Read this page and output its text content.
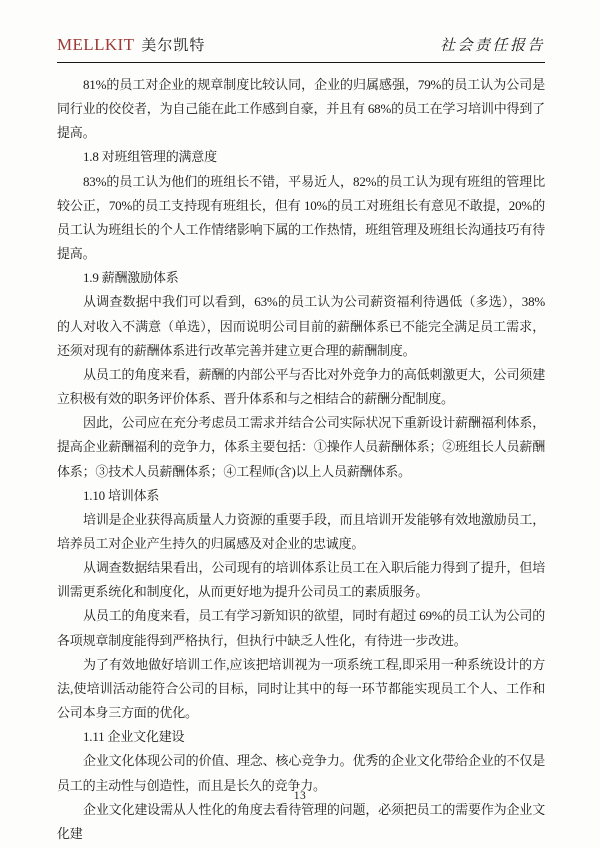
MELLKIT 美尔凯特	社会责任报告

81%的员工对企业的规章制度比较认同，企业的归属感强，79%的员工认为公司是同行业的佼佼者，为自己能在此工作感到自豪，并且有 68%的员工在学习培训中得到了提高。

1.8 对班组管理的满意度

83%的员工认为他们的班组长不错，平易近人，82%的员工认为现有班组的管理比较公正，70%的员工支持现有班组长，但有 10%的员工对班组长有意见不敢提，20%的员工认为班组长的个人工作情绪影响下属的工作热情，班组管理及班组长沟通技巧有待提高。

1.9 薪酬激励体系

从调查数据中我们可以看到，63%的员工认为公司薪资福利待遇低（多选），38%的人对收入不满意（单选），因而说明公司目前的薪酬体系已不能完全满足员工需求，还须对现有的薪酬体系进行改革完善并建立更合理的薪酬制度。

从员工的角度来看，薪酬的内部公平与否比对外竞争力的高低刺激更大，公司须建立积极有效的职务评价体系、晋升体系和与之相结合的薪酬分配制度。

因此，公司应在充分考虑员工需求并结合公司实际状况下重新设计薪酬福利体系，提高企业薪酬福利的竞争力，体系主要包括：①操作人员薪酬体系；②班组长人员薪酬体系；③技术人员薪酬体系；④工程师(含)以上人员薪酬体系。

1.10 培训体系

培训是企业获得高质量人力资源的重要手段，而且培训开发能够有效地激励员工，培养员工对企业产生持久的归属感及对企业的忠诚度。

从调查数据结果看出，公司现有的培训体系让员工在入职后能力得到了提升，但培训需更系统化和制度化，从而更好地为提升公司员工的素质服务。

从员工的角度来看，员工有学习新知识的欲望，同时有超过 69%的员工认为公司的各项规章制度能得到严格执行，但执行中缺乏人性化，有待进一步改进。

为了有效地做好培训工作,应该把培训视为一项系统工程,即采用一种系统设计的方法,使培训活动能符合公司的目标，同时让其中的每一环节都能实现员工个人、工作和公司本身三方面的优化。

1.11 企业文化建设

企业文化体现公司的价值、理念、核心竞争力。优秀的企业文化带给企业的不仅是员工的主动性与创造性，而且是长久的竞争力。

企业文化建设需从人性化的角度去看待管理的问题，必须把员工的需要作为企业文化建

13
